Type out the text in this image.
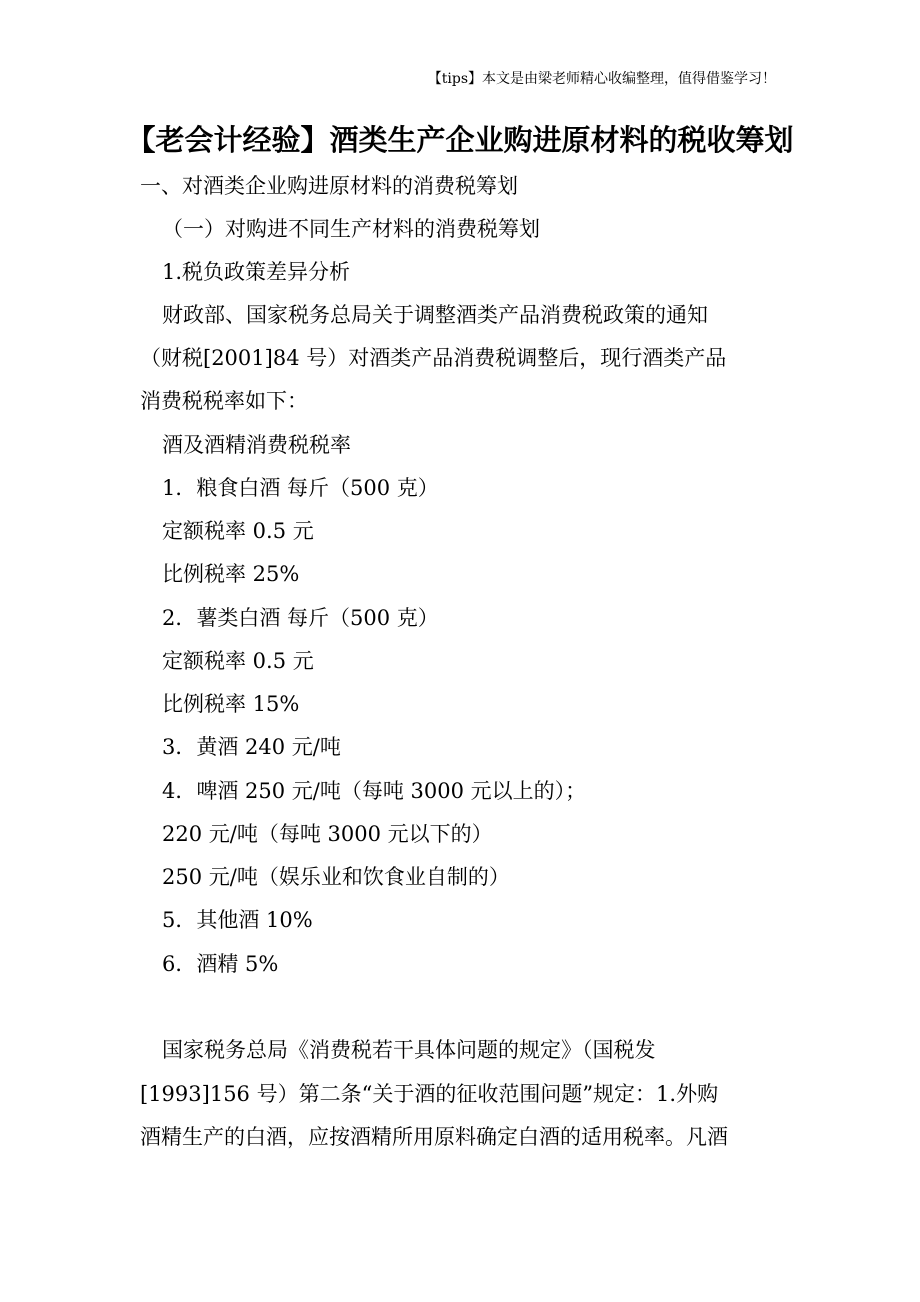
【tips】本文是由梁老师精心收编整理，值得借鉴学习！
【老会计经验】酒类生产企业购进原材料的税收筹划
一、对酒类企业购进原材料的消费税筹划
（一）对购进不同生产材料的消费税筹划
1.税负政策差异分析
财政部、国家税务总局关于调整酒类产品消费税政策的通知
（财税[2001]84 号）对酒类产品消费税调整后，现行酒类产品
消费税税率如下：
酒及酒精消费税税率
1．粮食白酒 每斤（500 克）
定额税率 0.5 元
比例税率 25%
2．薯类白酒 每斤（500 克）
定额税率 0.5 元
比例税率 15%
3．黄酒 240 元/吨
4．啤酒 250 元/吨（每吨 3000 元以上的）；
220 元/吨（每吨 3000 元以下的）
250 元/吨（娱乐业和饮食业自制的）
5．其他酒 10%
6．酒精 5%
国家税务总局《消费税若干具体问题的规定》（国税发
[1993]156 号）第二条“关于酒的征收范围问题”规定：1.外购
酒精生产的白酒，应按酒精所用原料确定白酒的适用税率。凡酒
